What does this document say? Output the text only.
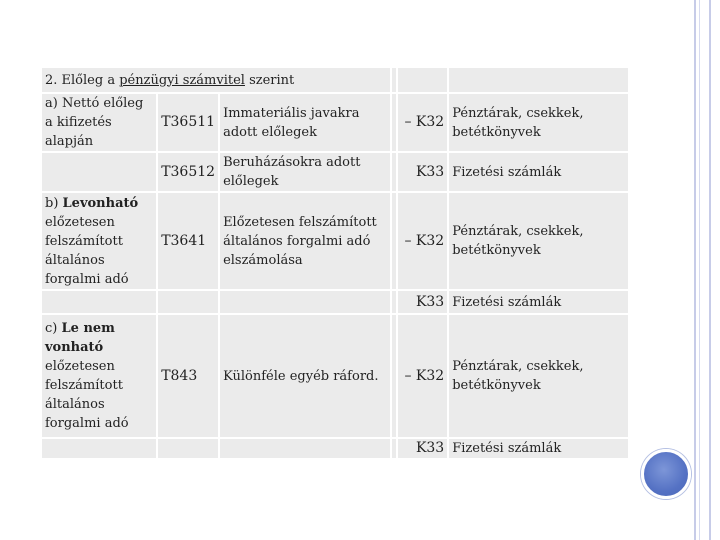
2. Előleg a pénzügyi számvitel szerint					
a) Nettó előleg a kifizetés alapján	T36511	Immateriális javakra adott előlegek		– K32	Pénztárak, csekkek, betétkönyvek
	T36512	Beruházásokra adott előlegek		K33	Fizetési számlák
b) Levonható
előzetesen felszámított általános forgalmi adó	T3641	Előzetesen felszámított általános forgalmi adó elszámolása		– K32	Pénztárak, csekkek, betétkönyvek
				K33	Fizetési számlák
c) Le nem vonható
előzetesen felszámított általános forgalmi adó	T843	Különféle egyéb ráford.		– K32	Pénztárak, csekkek, betétkönyvek
				K33	Fizetési számlák
